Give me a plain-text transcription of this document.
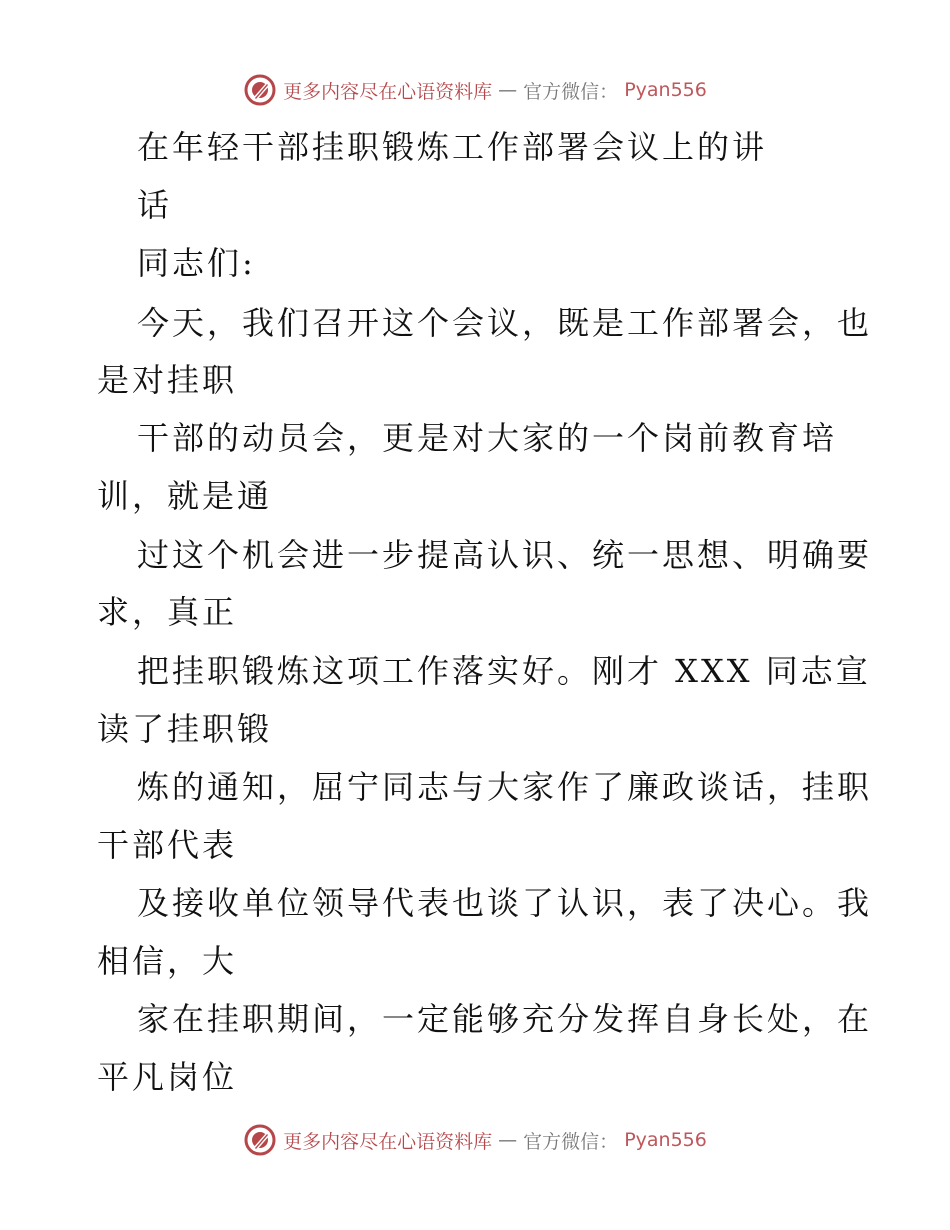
更多内容尽在心语资料库 — 官方微信： Pyan556
在年轻干部挂职锻炼工作部署会议上的讲
话
同志们:
今天，我们召开这个会议，既是工作部署会，也
是对挂职
干部的动员会，更是对大家的一个岗前教育培
训，就是通
过这个机会进一步提高认识、统一思想、明确要
求，真正
把挂职锻炼这项工作落实好。刚才 XXX 同志宣
读了挂职锻
炼的通知，屈宁同志与大家作了廉政谈话，挂职
干部代表
及接收单位领导代表也谈了认识，表了决心。我
相信，大
家在挂职期间，一定能够充分发挥自身长处，在
平凡岗位
更多内容尽在心语资料库 — 官方微信： Pyan556
